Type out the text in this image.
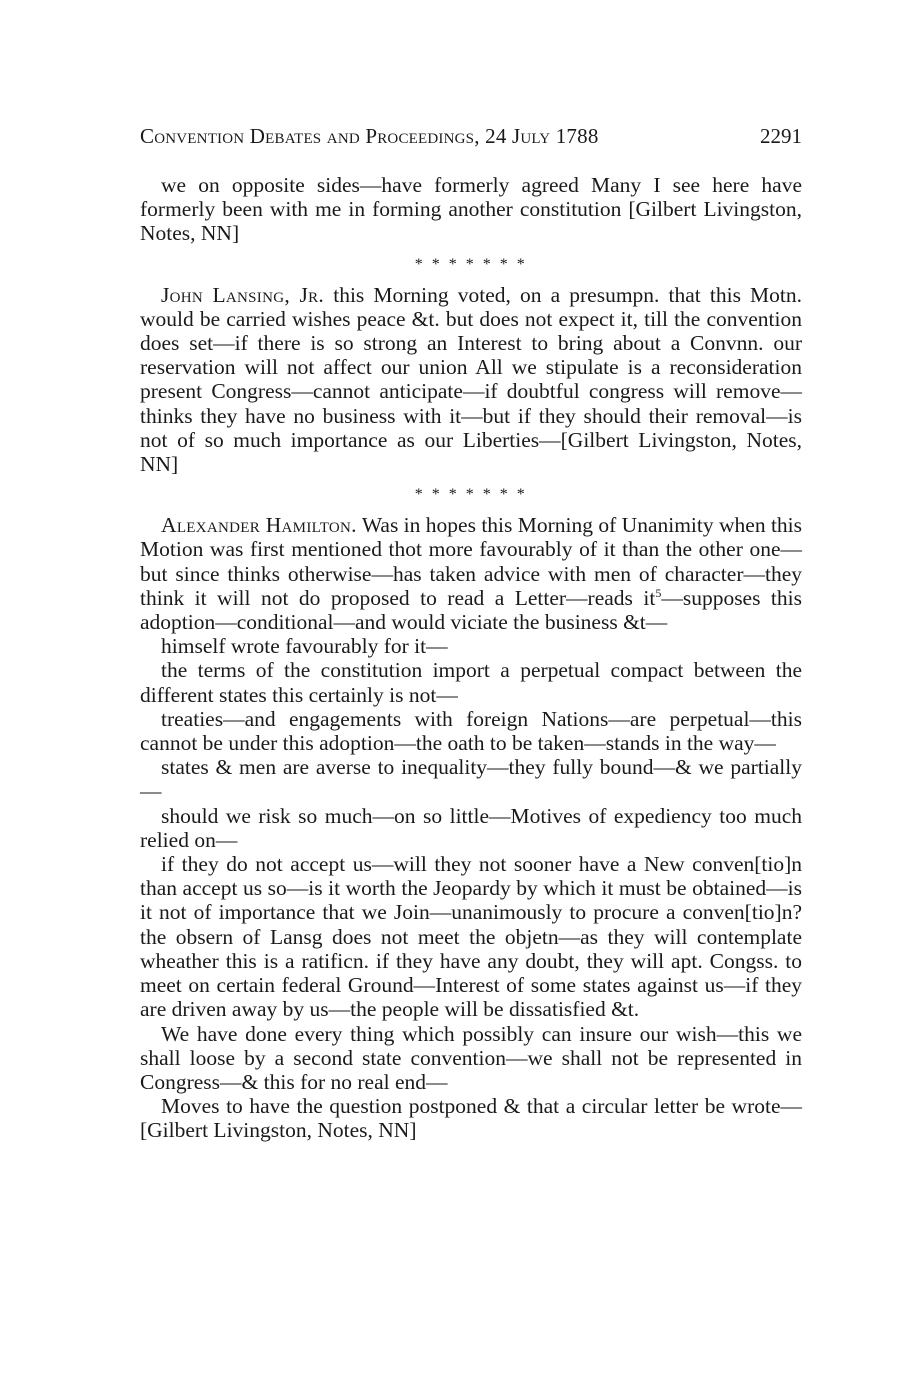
Convention Debates and Proceedings, 24 July 1788	2291

we on opposite sides—have formerly agreed Many I see here have formerly been with me in forming another constitution [Gilbert Livingston, Notes, NN]

* * * * * * *

John Lansing, Jr. this Morning voted, on a presumpn. that this Motn. would be carried wishes peace &t. but does not expect it, till the convention does set—if there is so strong an Interest to bring about a Convnn. our reservation will not affect our union All we stipulate is a reconsideration present Congress—cannot anticipate—if doubtful congress will remove—thinks they have no business with it—but if they should their removal—is not of so much importance as our Liberties—[Gilbert Livingston, Notes, NN]

* * * * * * *

Alexander Hamilton. Was in hopes this Morning of Unanimity when this Motion was first mentioned thot more favourably of it than the other one—but since thinks otherwise—has taken advice with men of character—they think it will not do proposed to read a Letter—reads $it^5—supposes$ this adoption—conditional—and would viciate the business &t—

himself wrote favourably for it—

the terms of the constitution import a perpetual compact between the different states this certainly is not—

treaties—and engagements with foreign Nations—are perpetual—this cannot be under this adoption—the oath to be taken—stands in the way—

states & men are averse to inequality—they fully bound—& we partially—

should we risk so much—on so little—Motives of expediency too much relied on—

if they do not accept us—will they not sooner have a New conven[tio]n than accept us so—is it worth the Jeopardy by which it must be obtained—is it not of importance that we Join—unanimously to procure a conven[tio]n? the obsern of Lansg does not meet the objetn—as they will contemplate wheather this is a ratificn. if they have any doubt, they will apt. Congss. to meet on certain federal Ground—Interest of some states against us—if they are driven away by us—the people will be dissatisfied &t.

We have done every thing which possibly can insure our wish—this we shall loose by a second state convention—we shall not be represented in Congress—& this for no real end—

Moves to have the question postponed & that a circular letter be wrote— [Gilbert Livingston, Notes, NN]
